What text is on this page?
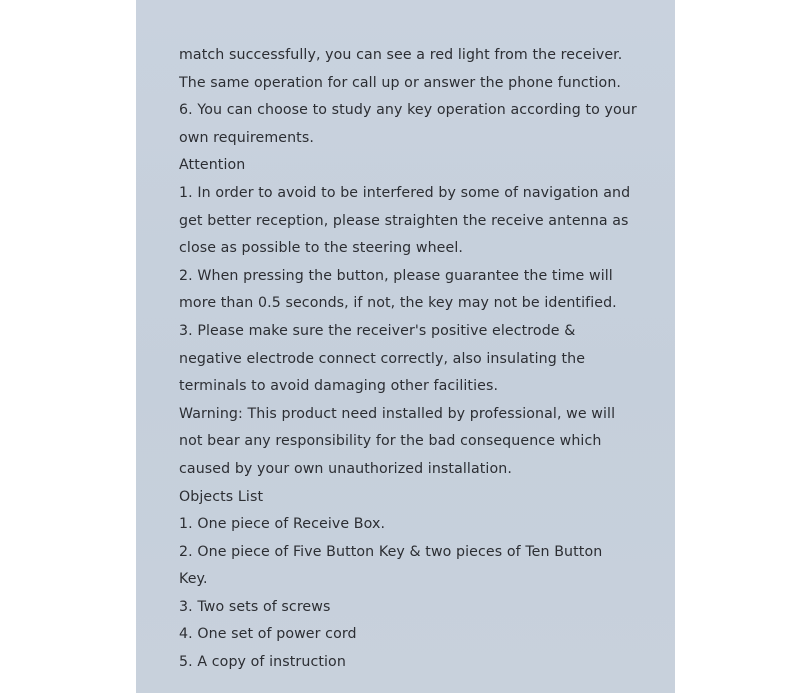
match successfully, you can see a red light from the receiver.
The same operation for call up or answer the phone function.
6. You can choose to study any key operation according to your
own requirements.
Attention
1. In order to avoid to be interfered by some of navigation and
get better reception, please straighten the receive antenna as
close as possible to the steering wheel.
2. When pressing the button, please guarantee the time will
more than 0.5 seconds, if not, the key may not be identified.
3. Please make sure the receiver's positive electrode &
negative electrode connect correctly, also insulating the
terminals to avoid damaging other facilities.
Warning: This product need installed by professional, we will
not bear any responsibility for the bad consequence which
caused by your own unauthorized installation.
Objects List
1. One piece of Receive Box.
2. One piece of Five Button Key & two pieces of Ten Button
Key.
3. Two sets of screws
4. One set of power cord
5. A copy of instruction
